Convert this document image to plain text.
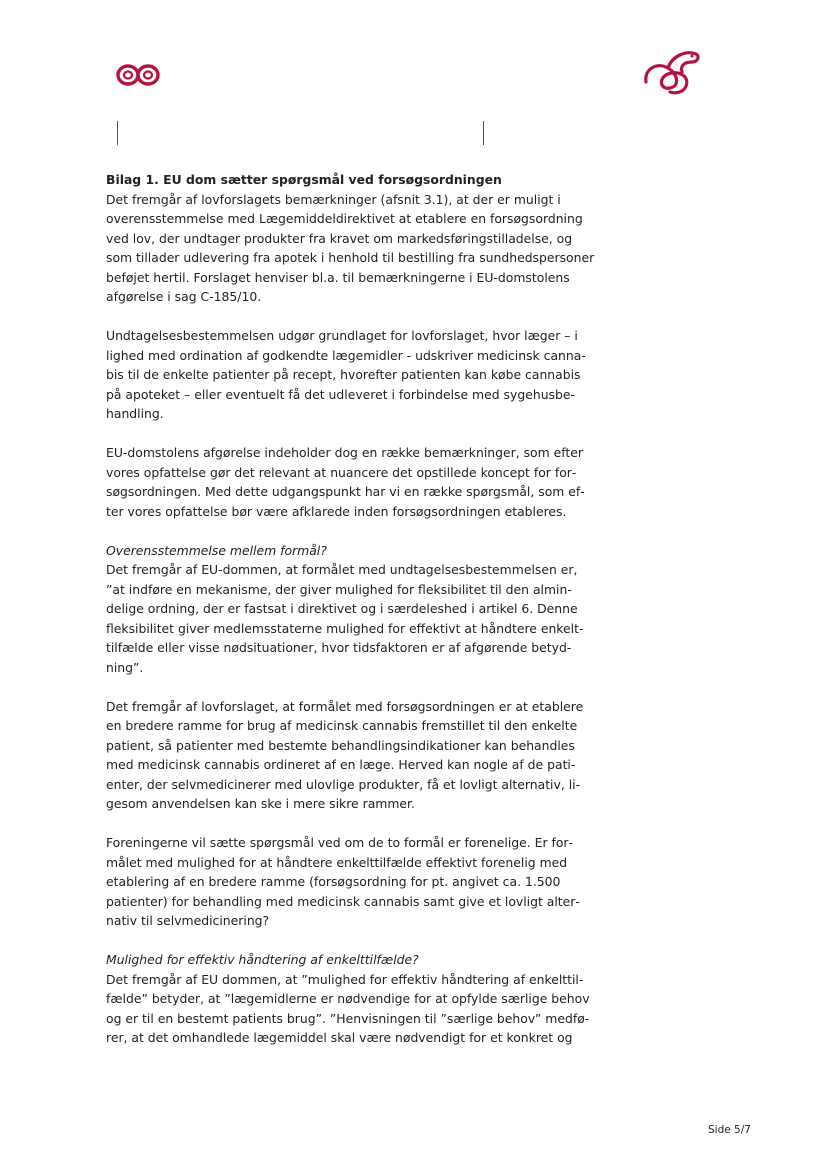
Bilag 1. EU dom sætter spørgsmål ved forsøgsordningen

Det fremgår af lovforslagets bemærkninger (afsnit 3.1), at der er muligt i overensstemmelse med Lægemiddeldirektivet at etablere en forsøgsordning ved lov, der undtager produkter fra kravet om markedsføringstilladelse, og som tillader udlevering fra apotek i henhold til bestilling fra sundhedspersoner beføjet hertil. Forslaget henviser bl.a. til bemærkningerne i EU-domstolens afgørelse i sag C-185/10.

Undtagelsesbestemmelsen udgør grundlaget for lovforslaget, hvor læger – i lighed med ordination af godkendte lægemidler - udskriver medicinsk cannabis til de enkelte patienter på recept, hvorefter patienten kan købe cannabis på apoteket – eller eventuelt få det udleveret i forbindelse med sygehusbehandling.

EU-domstolens afgørelse indeholder dog en række bemærkninger, som efter vores opfattelse gør det relevant at nuancere det opstillede koncept for forsøgsordningen. Med dette udgangspunkt har vi en række spørgsmål, som efter vores opfattelse bør være afklarede inden forsøgsordningen etableres.

Overensstemmelse mellem formål?

Det fremgår af EU-dommen, at formålet med undtagelsesbestemmelsen er, ”at indføre en mekanisme, der giver mulighed for fleksibilitet til den almindelige ordning, der er fastsat i direktivet og i særdeleshed i artikel 6. Denne fleksibilitet giver medlemsstaterne mulighed for effektivt at håndtere enkelttilfælde eller visse nødsituationer, hvor tidsfaktoren er af afgørende betydning”.

Det fremgår af lovforslaget, at formålet med forsøgsordningen er at etablere en bredere ramme for brug af medicinsk cannabis fremstillet til den enkelte patient, så patienter med bestemte behandlingsindikationer kan behandles med medicinsk cannabis ordineret af en læge. Herved kan nogle af de patienter, der selvmedicinerer med ulovlige produkter, få et lovligt alternativ, ligesom anvendelsen kan ske i mere sikre rammer.

Foreningerne vil sætte spørgsmål ved om de to formål er forenelige. Er formålet med mulighed for at håndtere enkelttilfælde effektivt forenelig med etablering af en bredere ramme (forsøgsordning for pt. angivet ca. 1.500 patienter) for behandling med medicinsk cannabis samt give et lovligt alternativ til selvmedicinering?

Mulighed for effektiv håndtering af enkelttilfælde?

Det fremgår af EU dommen, at ”mulighed for effektiv håndtering af enkelttilfælde” betyder, at ”lægemidlerne er nødvendige for at opfylde særlige behov og er til en bestemt patients brug”. ”Henvisningen til ”særlige behov” medfører, at det omhandlede lægemiddel skal være nødvendigt for et konkret og

Side 5/7
